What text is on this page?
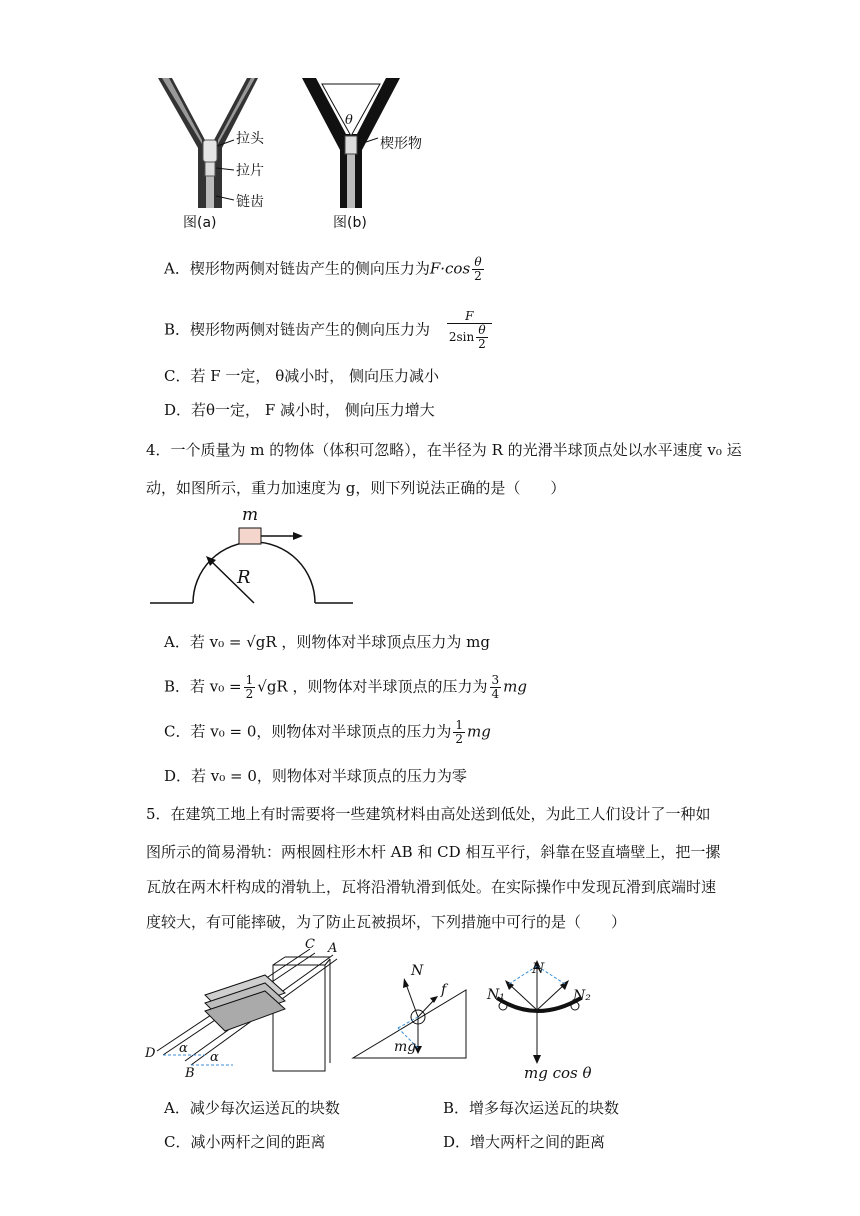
拉头
拉片
链齿
楔形物
θ
图(a)	图(b)
A．楔形物两侧对链齿产生的侧向压力为$F\cdot\cos \frac{\theta}{2}$
B．楔形物两侧对链齿产生的侧向压力为 $\frac{F}{2\sin \frac{\theta}{2}}$
C．若 F 一定， θ减小时， 侧向压力减小
D．若θ一定， F 减小时， 侧向压力增大
4．一个质量为 m 的物体（体积可忽略），在半径为 R 的光滑半球顶点处以水平速度 v₀ 运
动，如图所示，重力加速度为 g，则下列说法正确的是（　　）
m
R
A．若 v₀ = √gR ，则物体对半球顶点压力为 mg
B．若 $v_0 = \frac{1}{2} √gR$ ，则物体对半球顶点的压力为 $\frac{3}{4}$ mg
C．若 v₀ = 0，则物体对半球顶点的压力为 $\frac{1}{2}$ mg
D．若 v₀ = 0，则物体对半球顶点的压力为零
5．在建筑工地上有时需要将一些建筑材料由高处送到低处，为此工人们设计了一种如
图所示的简易滑轨：两根圆柱形木杆 AB 和 CD 相互平行，斜靠在竖直墙壁上，把一摞
瓦放在两木杆构成的滑轨上，瓦将沿滑轨滑到低处。在实际操作中发现瓦滑到底端时速
度较大，有可能摔破，为了防止瓦被损坏，下列措施中可行的是（　　）
C A
D
B
α
α
N
f
mg
N
N₁	N₂
mg cos θ
A．减少每次运送瓦的块数	B．增多每次运送瓦的块数
C．减小两杆之间的距离	D．增大两杆之间的距离
